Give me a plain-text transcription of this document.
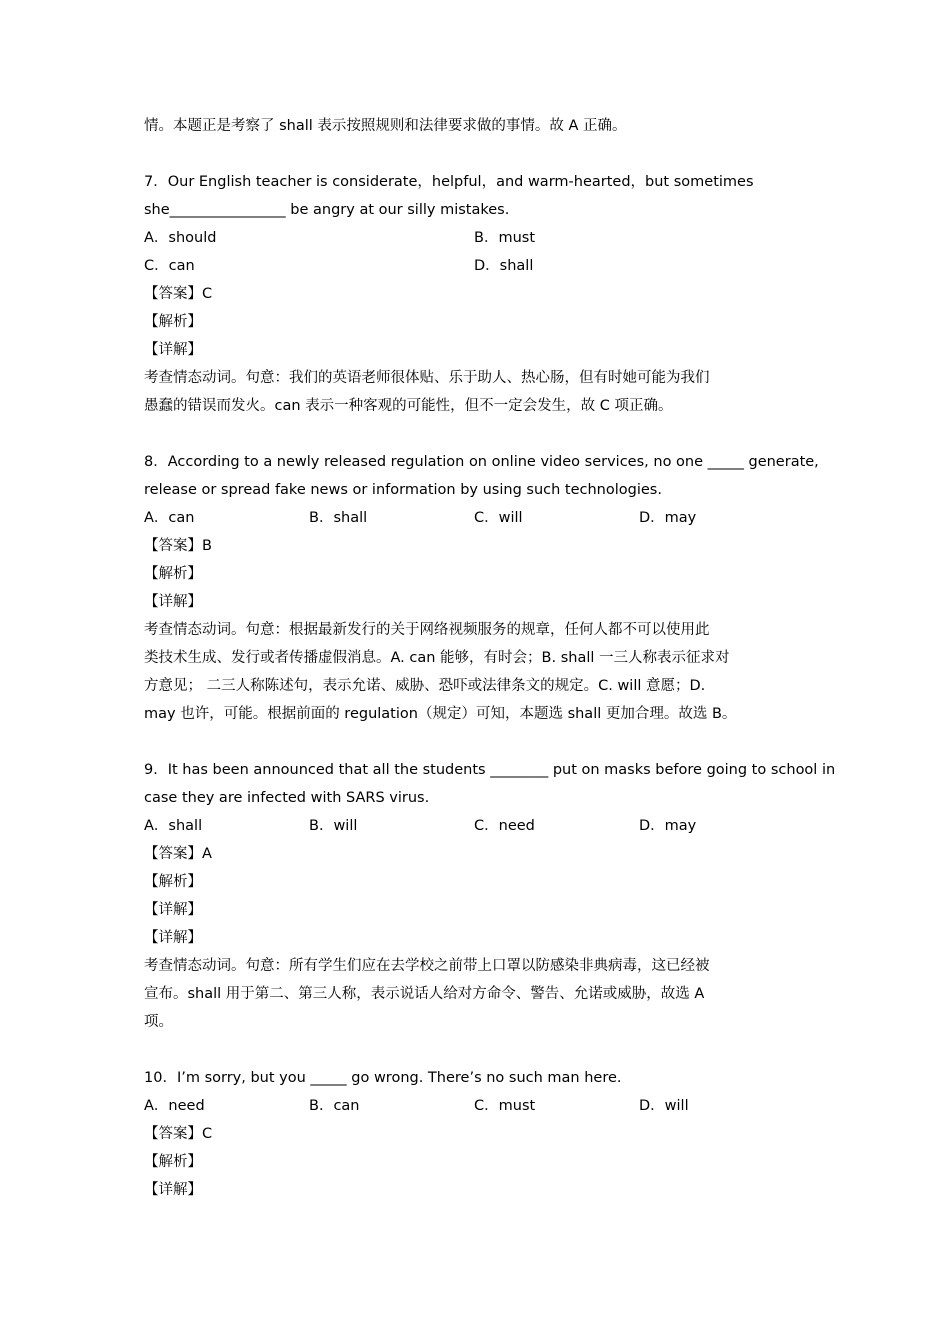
情。本题正是考察了 shall 表示按照规则和法律要求做的事情。故 A 正确。
7．Our English teacher is considerate，helpful，and warm-hearted，but sometimes
she________________ be angry at our silly mistakes.
A．should	B．must
C．can	D．shall
【答案】C
【解析】
【详解】
考查情态动词。句意：我们的英语老师很体贴、乐于助人、热心肠，但有时她可能为我们
愚蠢的错误而发火。can 表示一种客观的可能性，但不一定会发生，故 C 项正确。
8．According to a newly released regulation on online video services, no one _____ generate,
release or spread fake news or information by using such technologies.
A．can	B．shall	C．will	D．may
【答案】B
【解析】
【详解】
考查情态动词。句意：根据最新发行的关于网络视频服务的规章，任何人都不可以使用此
类技术生成、发行或者传播虚假消息。A. can 能够，有时会；B. shall 一三人称表示征求对
方意见； 二三人称陈述句，表示允诺、威胁、恐吓或法律条文的规定。C. will 意愿；D.
may 也许，可能。根据前面的 regulation（规定）可知，本题选 shall 更加合理。故选 B。
9．It has been announced that all the students ________ put on masks before going to school in
case they are infected with SARS virus.
A．shall	B．will	C．need	D．may
【答案】A
【解析】
【详解】
【详解】
考查情态动词。句意：所有学生们应在去学校之前带上口罩以防感染非典病毒，这已经被
宣布。shall 用于第二、第三人称，表示说话人给对方命令、警告、允诺或威胁，故选 A
项。
10．I’m sorry, but you _____ go wrong. There’s no such man here.
A．need	B．can	C．must	D．will
【答案】C
【解析】
【详解】
